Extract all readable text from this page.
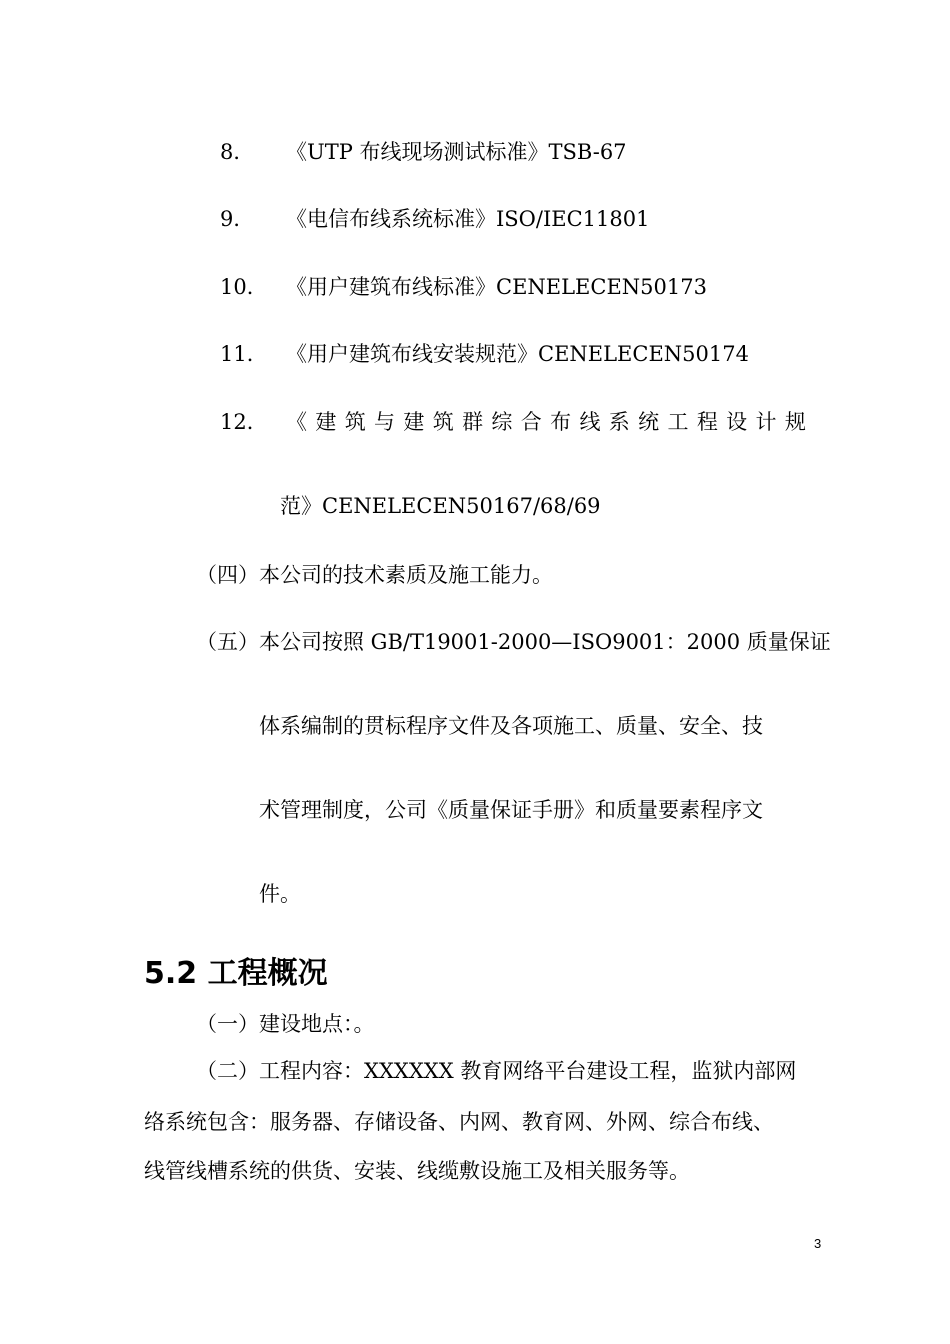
8． 《UTP 布线现场测试标准》TSB-67
9． 《电信布线系统标准》ISO/IEC11801
10． 《用户建筑布线标准》CENELECEN50173
11． 《用户建筑布线安装规范》CENELECEN50174
12． 《 建 筑 与 建 筑 群 综 合 布 线 系 统 工 程 设 计 规
范》CENELECEN50167/68/69
（四）本公司的技术素质及施工能力。
（五）本公司按照 GB/T19001-2000—ISO9001：2000 质量保证
体系编制的贯标程序文件及各项施工、质量、安全、技
术管理制度，公司《质量保证手册》和质量要素程序文
件。
5.2 工程概况
（一）建设地点：。
（二）工程内容：XXXXXX 教育网络平台建设工程，监狱内部网
络系统包含：服务器、存储设备、内网、教育网、外网、综合布线、
线管线槽系统的供货、安装、线缆敷设施工及相关服务等。
3
